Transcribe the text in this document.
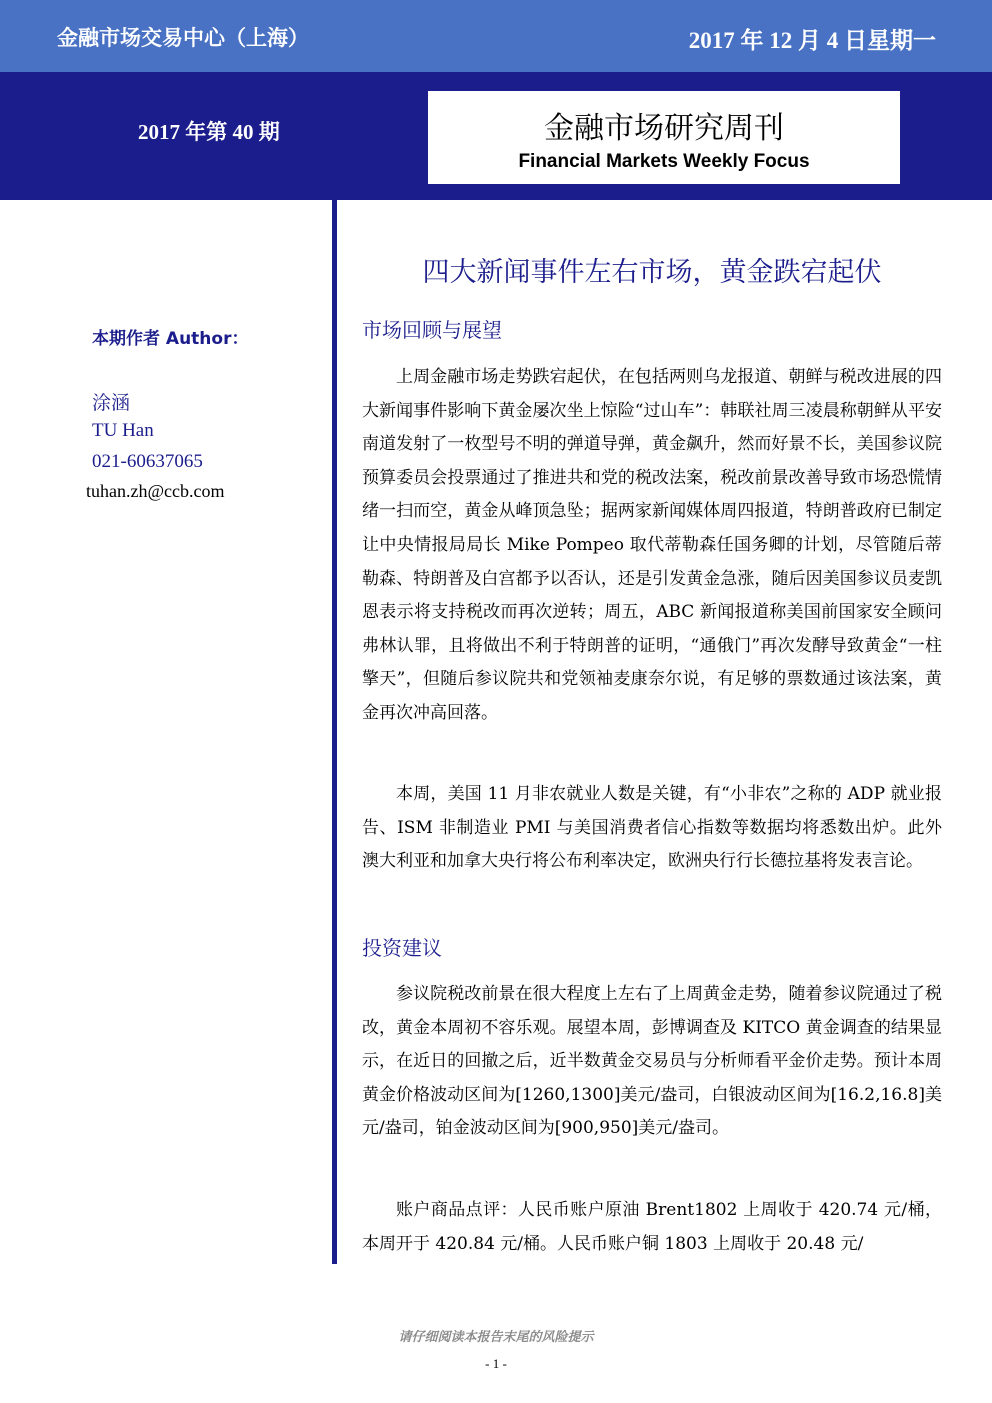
金融市场交易中心（上海）	2017 年 12 月 4 日星期一
2017 年第 40 期	金融市场研究周刊
Financial Markets Weekly Focus
本期作者 Author：
涂涵
TU Han
021-60637065
tuhan.zh@ccb.com
四大新闻事件左右市场，黄金跌宕起伏
市场回顾与展望

上周金融市场走势跌宕起伏，在包括两则乌龙报道、朝鲜与税改进展的四大新闻事件影响下黄金屡次坐上惊险“过山车”：韩联社周三凌晨称朝鲜从平安南道发射了一枚型号不明的弹道导弹，黄金飙升，然而好景不长，美国参议院预算委员会投票通过了推进共和党的税改法案，税改前景改善导致市场恐慌情绪一扫而空，黄金从峰顶急坠；据两家新闻媒体周四报道，特朗普政府已制定让中央情报局局长 Mike Pompeo 取代蒂勒森任国务卿的计划，尽管随后蒂勒森、特朗普及白宫都予以否认，还是引发黄金急涨，随后因美国参议员麦凯恩表示将支持税改而再次逆转；周五，ABC 新闻报道称美国前国家安全顾问弗林认罪，且将做出不利于特朗普的证明，“通俄门”再次发酵导致黄金“一柱擎天”，但随后参议院共和党领袖麦康奈尔说，有足够的票数通过该法案，黄金再次冲高回落。

本周，美国 11 月非农就业人数是关键，有“小非农”之称的 ADP 就业报告、ISM 非制造业 PMI 与美国消费者信心指数等数据均将悉数出炉。此外澳大利亚和加拿大央行将公布利率决定，欧洲央行行长德拉基将发表言论。

投资建议

参议院税改前景在很大程度上左右了上周黄金走势，随着参议院通过了税改，黄金本周初不容乐观。展望本周，彭博调查及 KITCO 黄金调查的结果显示，在近日的回撤之后，近半数黄金交易员与分析师看平金价走势。预计本周黄金价格波动区间为[1260,1300]美元/盎司，白银波动区间为[16.2,16.8]美元/盎司，铂金波动区间为[900,950]美元/盎司。

账户商品点评：人民币账户原油 Brent1802 上周收于 420.74 元/桶，本周开于 420.84 元/桶。人民币账户铜 1803 上周收于 20.48 元/

请仔细阅读本报告末尾的风险提示
- 1 -
